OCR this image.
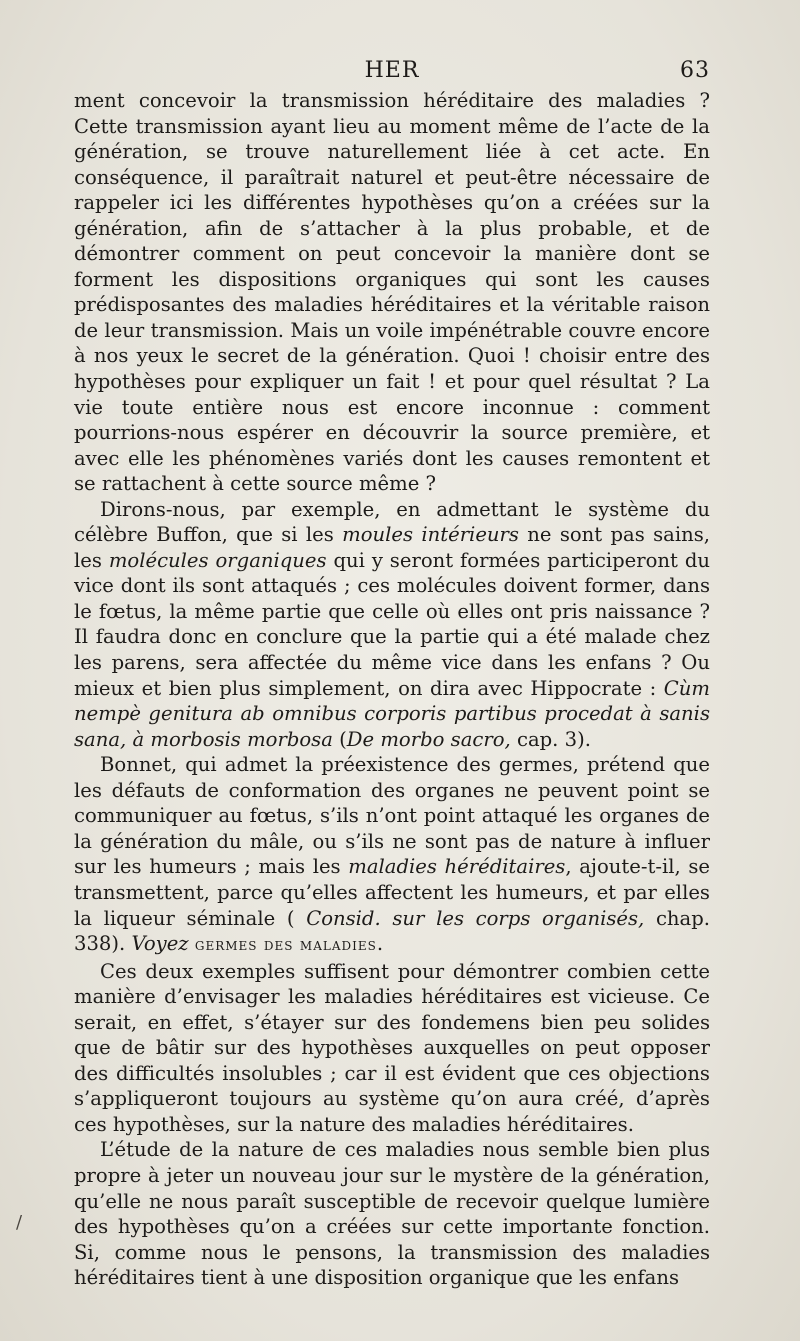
HER	63

ment concevoir la transmission héréditaire des maladies ? Cette transmission ayant lieu au moment même de l’acte de la génération, se trouve naturellement liée à cet acte. En conséquence, il paraîtrait naturel et peut-être nécessaire de rappeler ici les différentes hypothèses qu’on a créées sur la génération, afin de s’attacher à la plus probable, et de démontrer comment on peut concevoir la manière dont se forment les dispositions organiques qui sont les causes prédisposantes des maladies héréditaires et la véritable raison de leur transmission. Mais un voile impénétrable couvre encore à nos yeux le secret de la génération. Quoi ! choisir entre des hypothèses pour expliquer un fait ! et pour quel résultat ? La vie toute entière nous est encore inconnue : comment pourrions-nous espérer en découvrir la source première, et avec elle les phénomènes variés dont les causes remontent et se rattachent à cette source même ?

Dirons-nous, par exemple, en admettant le système du célèbre Buffon, que si les moules intérieurs ne sont pas sains, les molécules organiques qui y seront formées participeront du vice dont ils sont attaqués ; ces molécules doivent former, dans le fœtus, la même partie que celle où elles ont pris naissance ? Il faudra donc en conclure que la partie qui a été malade chez les parens, sera affectée du même vice dans les enfans ? Ou mieux et bien plus simplement, on dira avec Hippocrate : Cùm nempè genitura ab omnibus corporis partibus procedat à sanis sana, à morbosis morbosa (De morbo sacro, cap. 3).

Bonnet, qui admet la préexistence des germes, prétend que les défauts de conformation des organes ne peuvent point se communiquer au fœtus, s’ils n’ont point attaqué les organes de la génération du mâle, ou s’ils ne sont pas de nature à influer sur les humeurs ; mais les maladies héréditaires, ajoute-t-il, se transmettent, parce qu’elles affectent les humeurs, et par elles la liqueur séminale ( Consid. sur les corps organisés, chap. 338). Voyez germes des maladies.

Ces deux exemples suffisent pour démontrer combien cette manière d’envisager les maladies héréditaires est vicieuse. Ce serait, en effet, s’étayer sur des fondemens bien peu solides que de bâtir sur des hypothèses auxquelles on peut opposer des difficultés insolubles ; car il est évident que ces objections s’appliqueront toujours au système qu’on aura créé, d’après ces hypothèses, sur la nature des maladies héréditaires.

L’étude de la nature de ces maladies nous semble bien plus propre à jeter un nouveau jour sur le mystère de la génération, qu’elle ne nous paraît susceptible de recevoir quelque lumière des hypothèses qu’on a créées sur cette importante fonction. Si, comme nous le pensons, la transmission des maladies héréditaires tient à une disposition organique que les enfans

/
